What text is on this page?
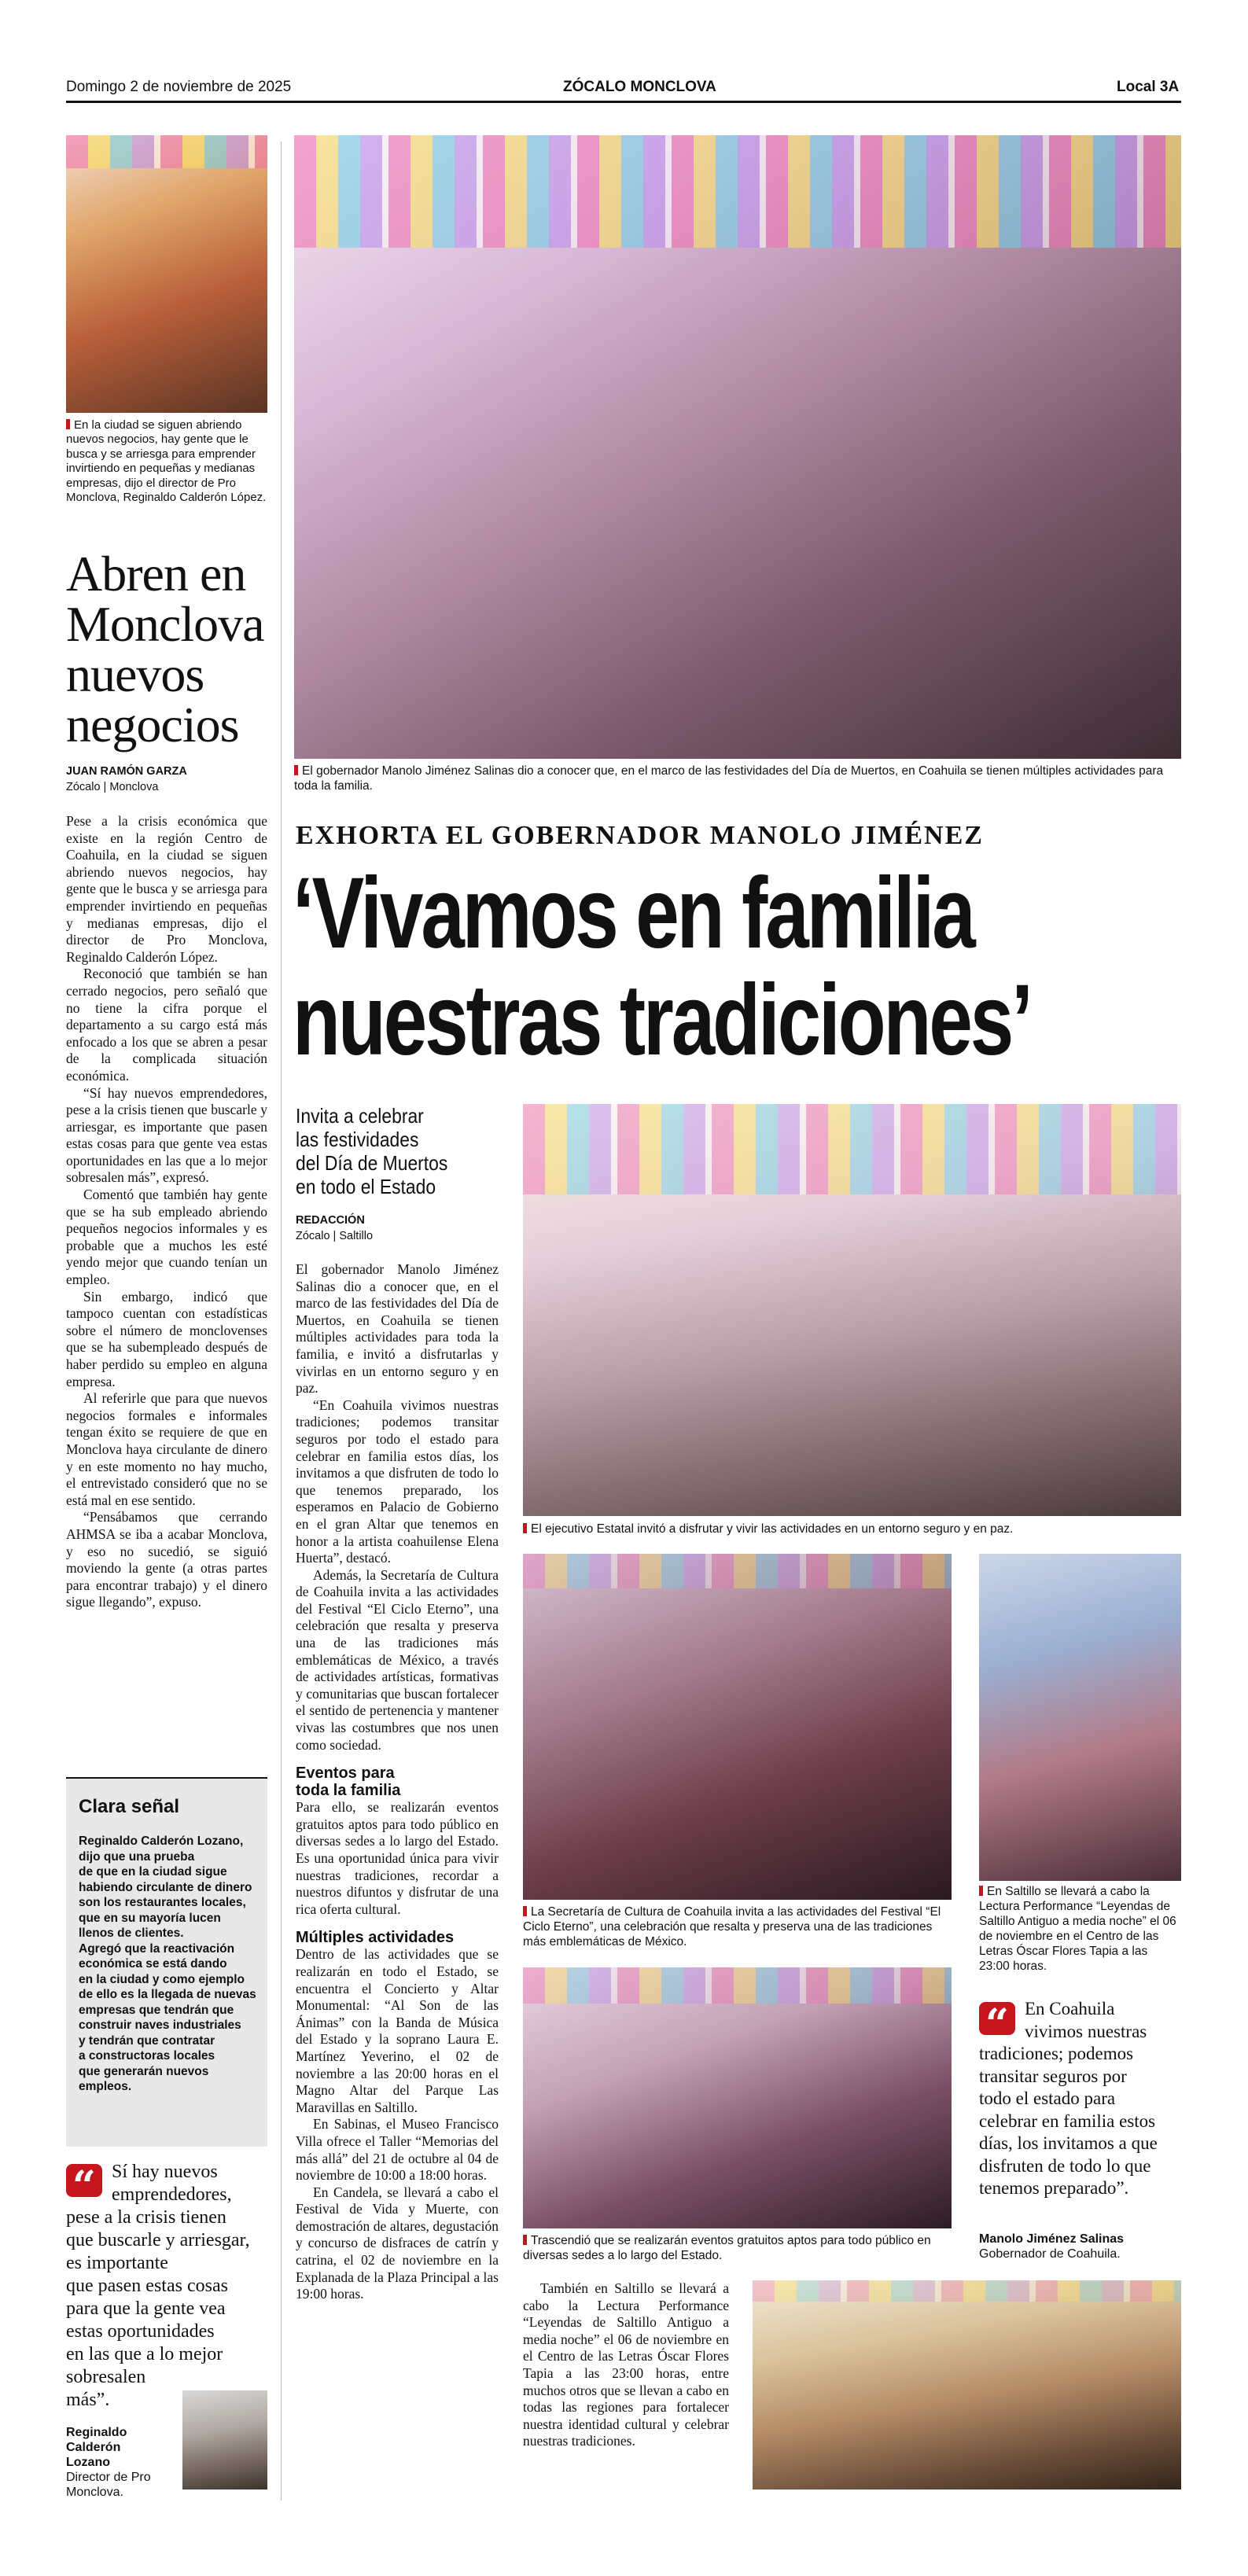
Domingo 2 de noviembre de 2025	ZÓCALO MONCLOVA	Local 3A
En la ciudad se siguen abriendo nuevos negocios, hay gente que le busca y se arriesga para emprender invirtiendo en pequeñas y medianas empresas, dijo el director de Pro Monclova, Reginaldo Calderón López.
Abren en
Monclova
nuevos
negocios
JUAN RAMÓN GARZA
Zócalo | Monclova

Pese a la crisis económica que existe en la región Centro de Coahuila, en la ciudad se siguen abriendo nuevos negocios, hay gente que le busca y se arriesga para emprender invirtiendo en pequeñas y medianas empresas, dijo el director de Pro Monclova, Reginaldo Calderón López.

Reconoció que también se han cerrado negocios, pero señaló que no tiene la cifra porque el departamento a su cargo está más enfocado a los que se abren a pesar de la complicada situación económica.

“Sí hay nuevos emprendedores, pese a la crisis tienen que buscarle y arriesgar, es importante que pasen estas cosas para que gente vea estas oportunidades en las que a lo mejor sobresalen más”, expresó.

Comentó que también hay gente que se ha sub empleado abriendo pequeños negocios informales y es probable que a muchos les esté yendo mejor que cuando tenían un empleo.

Sin embargo, indicó que tampoco cuentan con estadísticas sobre el número de monclovenses que se ha subempleado después de haber perdido su empleo en alguna empresa.

Al referirle que para que nuevos negocios formales e informales tengan éxito se requiere de que en Monclova haya circulante de dinero y en este momento no hay mucho, el entrevistado consideró que no se está mal en ese sentido.

“Pensábamos que cerrando AHMSA se iba a acabar Monclova, y eso no sucedió, se siguió moviendo la gente (a otras partes para encontrar trabajo) y el dinero sigue llegando”, expuso.

Clara señal
Reginaldo Calderón Lozano,
dijo que una prueba
de que en la ciudad sigue
habiendo circulante de dinero
son los restaurantes locales,
que en su mayoría lucen
llenos de clientes.
Agregó que la reactivación
económica se está dando
en la ciudad y como ejemplo
de ello es la llegada de nuevas
empresas que tendrán que
construir naves industriales
y tendrán que contratar
a constructoras locales
que generarán nuevos
empleos.
“ Sí hay nuevos
emprendedores,
pese a la crisis tienen
que buscarle y arriesgar,
es importante
que pasen estas cosas
para que la gente vea
estas oportunidades
en las que a lo mejor
sobresalen
más”.
Reginaldo
Calderón
Lozano
Director de Pro
Monclova.
El gobernador Manolo Jiménez Salinas dio a conocer que, en el marco de las festividades del Día de Muertos, en Coahuila se tienen múltiples actividades para toda la familia.
EXHORTA EL GOBERNADOR MANOLO JIMÉNEZ
‘Vivamos en familia
nuestras tradiciones’
Invita a celebrar
las festividades
del Día de Muertos
en todo el Estado
REDACCIÓN
Zócalo | Saltillo

El gobernador Manolo Jiménez Salinas dio a conocer que, en el marco de las festividades del Día de Muertos, en Coahuila se tienen múltiples actividades para toda la familia, e invitó a disfrutarlas y vivirlas en un entorno seguro y en paz.

“En Coahuila vivimos nuestras tradiciones; podemos transitar seguros por todo el estado para celebrar en familia estos días, los invitamos a que disfruten de todo lo que tenemos preparado, los esperamos en Palacio de Gobierno en el gran Altar que tenemos en honor a la artista coahuilense Elena Huerta”, destacó.

Además, la Secretaría de Cultura de Coahuila invita a las actividades del Festival “El Ciclo Eterno”, una celebración que resalta y preserva una de las tradiciones más emblemáticas de México, a través de actividades artísticas, formativas y comunitarias que buscan fortalecer el sentido de pertenencia y mantener vivas las costumbres que nos unen como sociedad.

Eventos para
toda la familia

Para ello, se realizarán eventos gratuitos aptos para todo público en diversas sedes a lo largo del Estado. Es una oportunidad única para vivir nuestras tradiciones, recordar a nuestros difuntos y disfrutar de una rica oferta cultural.

Múltiples actividades

Dentro de las actividades que se realizarán en todo el Estado, se encuentra el Concierto y Altar Monumental: “Al Son de las Ánimas” con la Banda de Música del Estado y la soprano Laura E. Martínez Yeverino, el 02 de noviembre a las 20:00 horas en el Magno Altar del Parque Las Maravillas en Saltillo.

En Sabinas, el Museo Francisco Villa ofrece el Taller “Memorias del más allá” del 21 de octubre al 04 de noviembre de 10:00 a 18:00 horas.

En Candela, se llevará a cabo el Festival de Vida y Muerte, con demostración de altares, degustación y concurso de disfraces de catrín y catrina, el 02 de noviembre en la Explanada de la Plaza Principal a las 19:00 horas.

El ejecutivo Estatal invitó a disfrutar y vivir las actividades en un entorno seguro y en paz.
La Secretaría de Cultura de Coahuila invita a las actividades del Festival “El Ciclo Eterno”, una celebración que resalta y preserva una de las tradiciones más emblemáticas de México.
En Saltillo se llevará a cabo la Lectura Performance “Leyendas de Saltillo Antiguo a media noche” el 06 de noviembre en el Centro de las Letras Óscar Flores Tapia a las 23:00 horas.
Trascendió que se realizarán eventos gratuitos aptos para todo público en diversas sedes a lo largo del Estado.
“ En Coahuila
vivimos nuestras
tradiciones; podemos
transitar seguros por
todo el estado para
celebrar en familia estos
días, los invitamos a que
disfruten de todo lo que
tenemos preparado”.
Manolo Jiménez Salinas
Gobernador de Coahuila.

También en Saltillo se llevará a cabo la Lectura Performance “Leyendas de Saltillo Antiguo a media noche” el 06 de noviembre en el Centro de las Letras Óscar Flores Tapia a las 23:00 horas, entre muchos otros que se llevan a cabo en todas las regiones para fortalecer nuestra identidad cultural y celebrar nuestras tradiciones.
